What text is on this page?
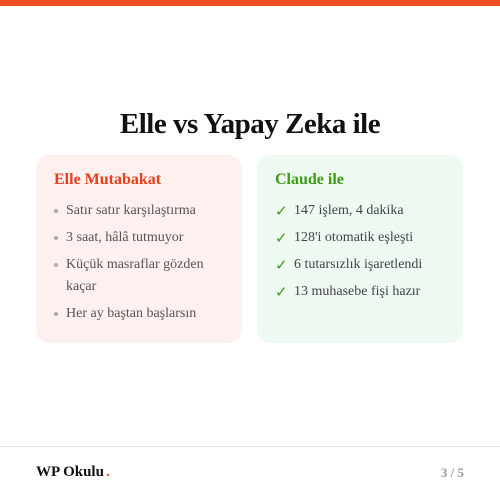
Elle vs Yapay Zeka ile
Elle Mutabakat
Satır satır karşılaştırma
3 saat, hâlâ tutmuyor
Küçük masraflar gözden kaçar
Her ay baştan başlarsın
Claude ile
✓ 147 işlem, 4 dakika
✓ 128'i otomatik eşleşti
✓ 6 tutarsızlık işaretlendi
✓ 13 muhasebe fişi hazır
WP Okulu .	3 / 5
